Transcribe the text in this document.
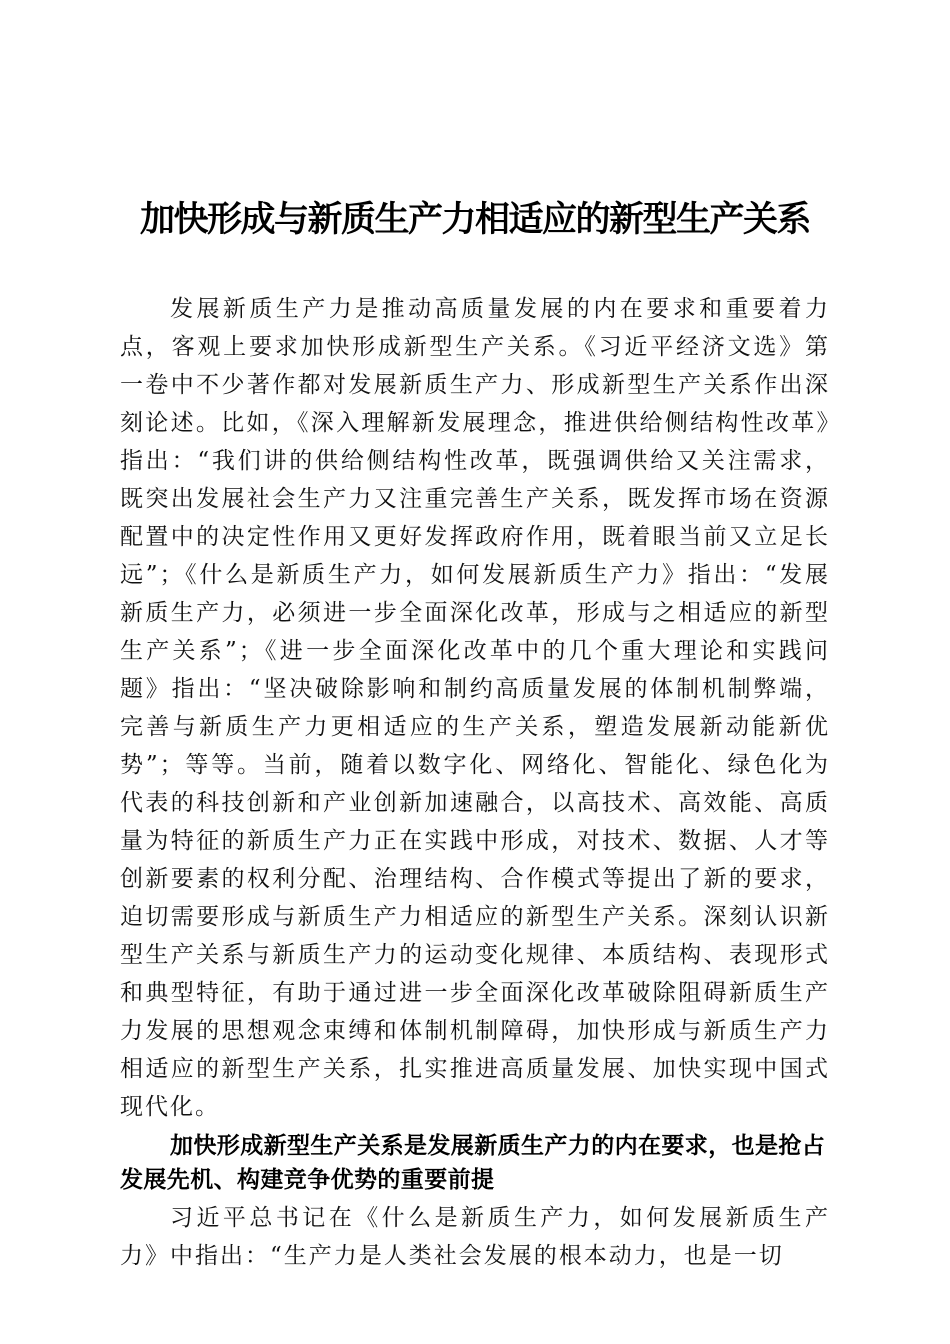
加快形成与新质生产力相适应的新型生产关系

发展新质生产力是推动高质量发展的内在要求和重要着力点，客观上要求加快形成新型生产关系。《习近平经济文选》第一卷中不少著作都对发展新质生产力、形成新型生产关系作出深刻论述。比如，《深入理解新发展理念，推进供给侧结构性改革》指出：“我们讲的供给侧结构性改革，既强调供给又关注需求，既突出发展社会生产力又注重完善生产关系，既发挥市场在资源配置中的决定性作用又更好发挥政府作用，既着眼当前又立足长远”；《什么是新质生产力，如何发展新质生产力》指出：“发展新质生产力，必须进一步全面深化改革，形成与之相适应的新型生产关系”；《进一步全面深化改革中的几个重大理论和实践问题》指出：“坚决破除影响和制约高质量发展的体制机制弊端，完善与新质生产力更相适应的生产关系，塑造发展新动能新优势”；等等。当前，随着以数字化、网络化、智能化、绿色化为代表的科技创新和产业创新加速融合，以高技术、高效能、高质量为特征的新质生产力正在实践中形成，对技术、数据、人才等创新要素的权利分配、治理结构、合作模式等提出了新的要求，迫切需要形成与新质生产力相适应的新型生产关系。深刻认识新型生产关系与新质生产力的运动变化规律、本质结构、表现形式和典型特征，有助于通过进一步全面深化改革破除阻碍新质生产力发展的思想观念束缚和体制机制障碍，加快形成与新质生产力相适应的新型生产关系，扎实推进高质量发展、加快实现中国式现代化。

加快形成新型生产关系是发展新质生产力的内在要求，也是抢占发展先机、构建竞争优势的重要前提

习近平总书记在《什么是新质生产力，如何发展新质生产力》中指出：“生产力是人类社会发展的根本动力，也是一切
